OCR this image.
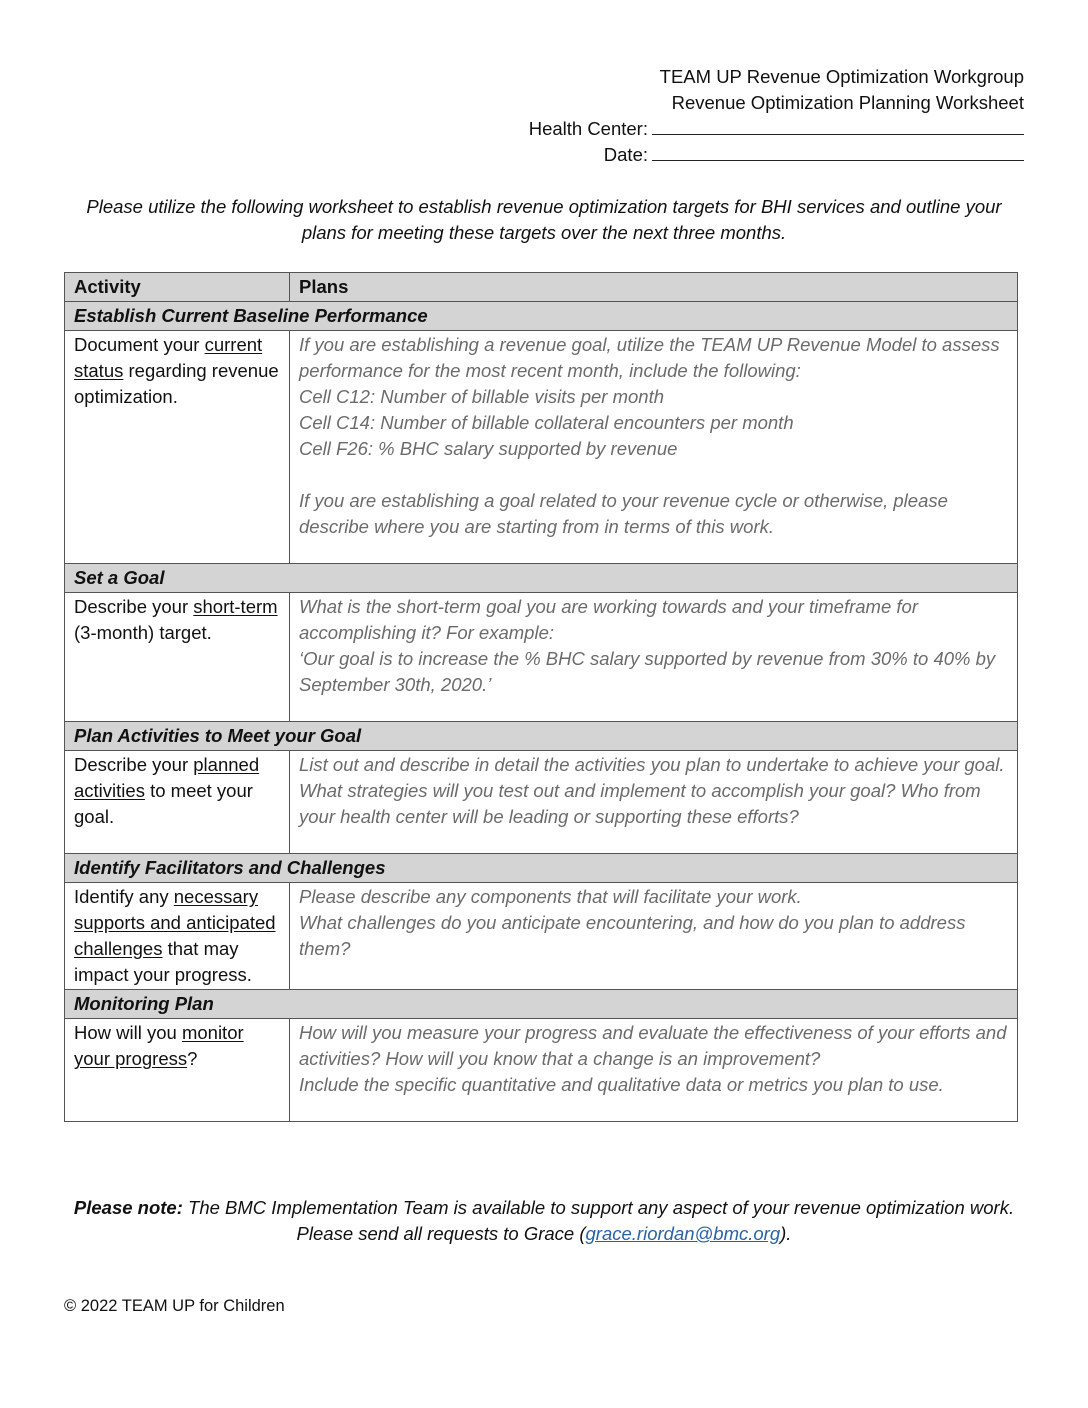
TEAM UP Revenue Optimization Workgroup
Revenue Optimization Planning Worksheet
Health Center:
Date:
Please utilize the following worksheet to establish revenue optimization targets for BHI services and outline your plans for meeting these targets over the next three months.
Activity	Plans
Establish Current Baseline Performance	
Document your current status regarding revenue optimization.	If you are establishing a revenue goal, utilize the TEAM UP Revenue Model to assess performance for the most recent month, include the following:
Cell C12: Number of billable visits per month
Cell C14: Number of billable collateral encounters per month
Cell F26: % BHC salary supported by revenue
If you are establishing a goal related to your revenue cycle or otherwise, please describe where you are starting from in terms of this work.

Set a Goal	
Describe your short-term (3-month) target.	What is the short-term goal you are working towards and your timeframe for accomplishing it? For example:
‘Our goal is to increase the % BHC salary supported by revenue from 30% to 40% by September 30th, 2020.’

Plan Activities to Meet your Goal	
Describe your planned activities to meet your goal.	List out and describe in detail the activities you plan to undertake to achieve your goal. What strategies will you test out and implement to accomplish your goal? Who from your health center will be leading or supporting these efforts?

Identify Facilitators and Challenges	
Identify any necessary supports and anticipated challenges that may impact your progress.	Please describe any components that will facilitate your work.
What challenges do you anticipate encountering, and how do you plan to address them?

Monitoring Plan	
How will you monitor your progress?	How will you measure your progress and evaluate the effectiveness of your efforts and activities? How will you know that a change is an improvement?
Include the specific quantitative and qualitative data or metrics you plan to use.
Please note: The BMC Implementation Team is available to support any aspect of your revenue optimization work. Please send all requests to Grace (grace.riordan@bmc.org).
© 2022 TEAM UP for Children
